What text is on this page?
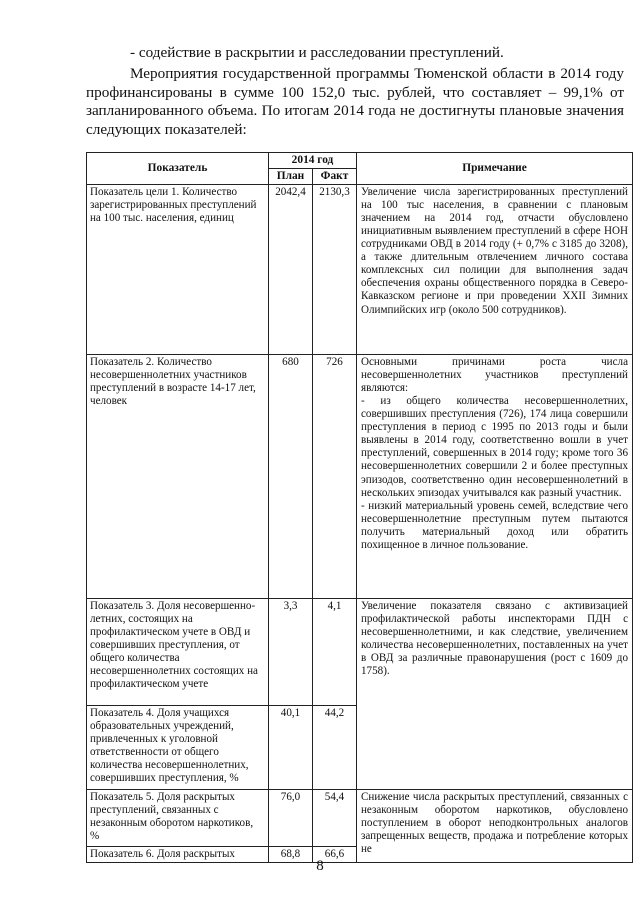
- содействие в раскрытии и расследовании преступлений.
Мероприятия государственной программы Тюменской области в 2014 году профинансированы в сумме 100 152,0 тыс. рублей, что составляет – 99,1% от запланированного объема. По итогам 2014 года не достигнуты плановые значения следующих показателей:
Показатель	2014 год		Примечание
	План	Факт	
Показатель цели 1. Количество зарегистрированных преступлений на 100 тыс. населения, единиц	2042,4	2130,3	Увеличение числа зарегистрированных преступлений на 100 тыс населения, в сравнении с плановым значением на 2014 год, отчасти обусловлено инициативным выявлением преступлений в сфере НОН сотрудниками ОВД в 2014 году (+ 0,7% с 3185 до 3208), а также длительным отвлечением личного состава комплексных сил полиции для выполнения задач обеспечения охраны общественного порядка в Северо-Кавказском регионе и при проведении XXII Зимних Олимпийских игр (около 500 сотрудников).
Показатель 2. Количество несовершеннолетних участников преступлений в возрасте 14-17 лет, человек	680	726	Основными причинами роста числа несовершеннолетних участников преступлений являются:
- из общего количества несовершеннолетних, совершивших преступления (726), 174 лица совершили преступления в период с 1995 по 2013 годы и были выявлены в 2014 году, соответственно вошли в учет преступлений, совершенных в 2014 году; кроме того 36 несовершеннолетних совершили 2 и более преступных эпизодов, соответственно один несовершеннолетний в нескольких эпизодах учитывался как разный участник.
- низкий материальный уровень семей, вследствие чего несовершеннолетние преступным путем пытаются получить материальный доход или обратить похищенное в личное пользование.

Показатель 3. Доля несовершенно-летних, состоящих на профилактическом учете в ОВД и совершивших преступления, от общего количества несовершеннолетних состоящих на профилактическом учете	3,3	4,1	Увеличение показателя связано с активизацией профилактической работы инспекторами ПДН с несовершеннолетними, и как следствие, увеличением количества несовершеннолетних, поставленных на учет в ОВД за различные правонарушения (рост с 1609 до 1758).
Показатель 4. Доля учащихся образовательных учреждений, привлеченных к уголовной ответственности от общего количества несовершеннолетних, совершивших преступления, %	40,1	44,2	
Показатель 5. Доля раскрытых преступлений, связанных с незаконным оборотом наркотиков, %	76,0	54,4	Снижение числа раскрытых преступлений, связанных с незаконным оборотом наркотиков, обусловлено поступлением в оборот неподконтрольных аналогов запрещенных веществ, продажа и потребление которых не
Показатель 6. Доля раскрытых	68,8	66,6	
8
